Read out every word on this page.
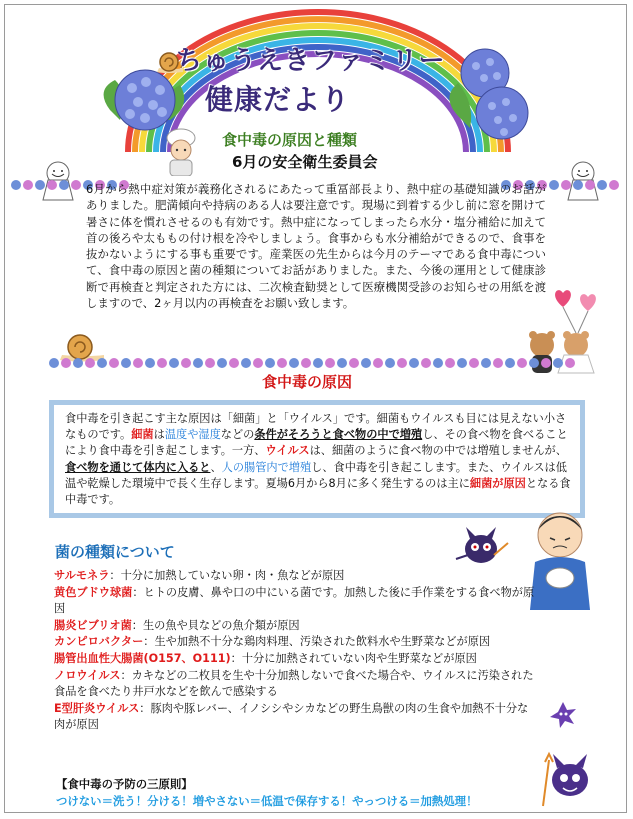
ちゅうえきファミリー
健康だより
食中毒の原因と種類
6月の安全衛生委員会
6月から熱中症対策が義務化されるにあたって重冨部長より、熱中症の基礎知識のお話がありました。肥満傾向や持病のある人は要注意です。現場に到着する少し前に窓を開けて暑さに体を慣れさせるのも有効です。熱中症になってしまったら水分・塩分補給に加えて首の後ろや太ももの付け根を冷やしましょう。食事からも水分補給ができるので、食事を抜かないようにする事も重要です。産業医の先生からは今月のテーマである食中毒について、食中毒の原因と菌の種類についてお話がありました。また、今後の運用として健康診断で再検査と判定された方には、二次検査勧奨として医療機関受診のお知らせの用紙を渡しますので、2ヶ月以内の再検査をお願い致します。
食中毒の原因
食中毒を引き起こす主な原因は「細菌」と「ウイルス」です。細菌もウイルスも目には見えない小さなものです。細菌は温度や湿度などの条件がそろうと食べ物の中で増殖し、その食べ物を食べることにより食中毒を引き起こします。一方、ウイルスは、細菌のように食べ物の中では増殖しませんが、食べ物を通じて体内に入ると、人の腸管内で増殖し、食中毒を引き起こします。また、ウイルスは低温や乾燥した環境中で長く生存します。夏場6月から8月に多く発生するのは主に細菌が原因となる食中毒です。
菌の種類について
サルモネラ：十分に加熱していない卵・肉・魚などが原因
黄色ブドウ球菌：ヒトの皮膚、鼻や口の中にいる菌です。加熱した後に手作業をする食べ物が原因
腸炎ビブリオ菌：生の魚や貝などの魚介類が原因
カンピロバクター：生や加熱不十分な鶏肉料理、汚染された飲料水や生野菜などが原因
腸管出血性大腸菌(O157、O111)：十分に加熱されていない肉や生野菜などが原因
ノロウイルス：カキなどの二枚貝を生や十分加熱しないで食べた場合や、ウイルスに汚染された食品を食べたり井戸水などを飲んで感染する
E型肝炎ウイルス：豚肉や豚レバー、イノシシやシカなどの野生鳥獣の肉の生食や加熱不十分な肉が原因
【食中毒の予防の三原則】
つけない＝洗う！分ける！増やさない＝低温で保存する！やっつける＝加熱処理！
